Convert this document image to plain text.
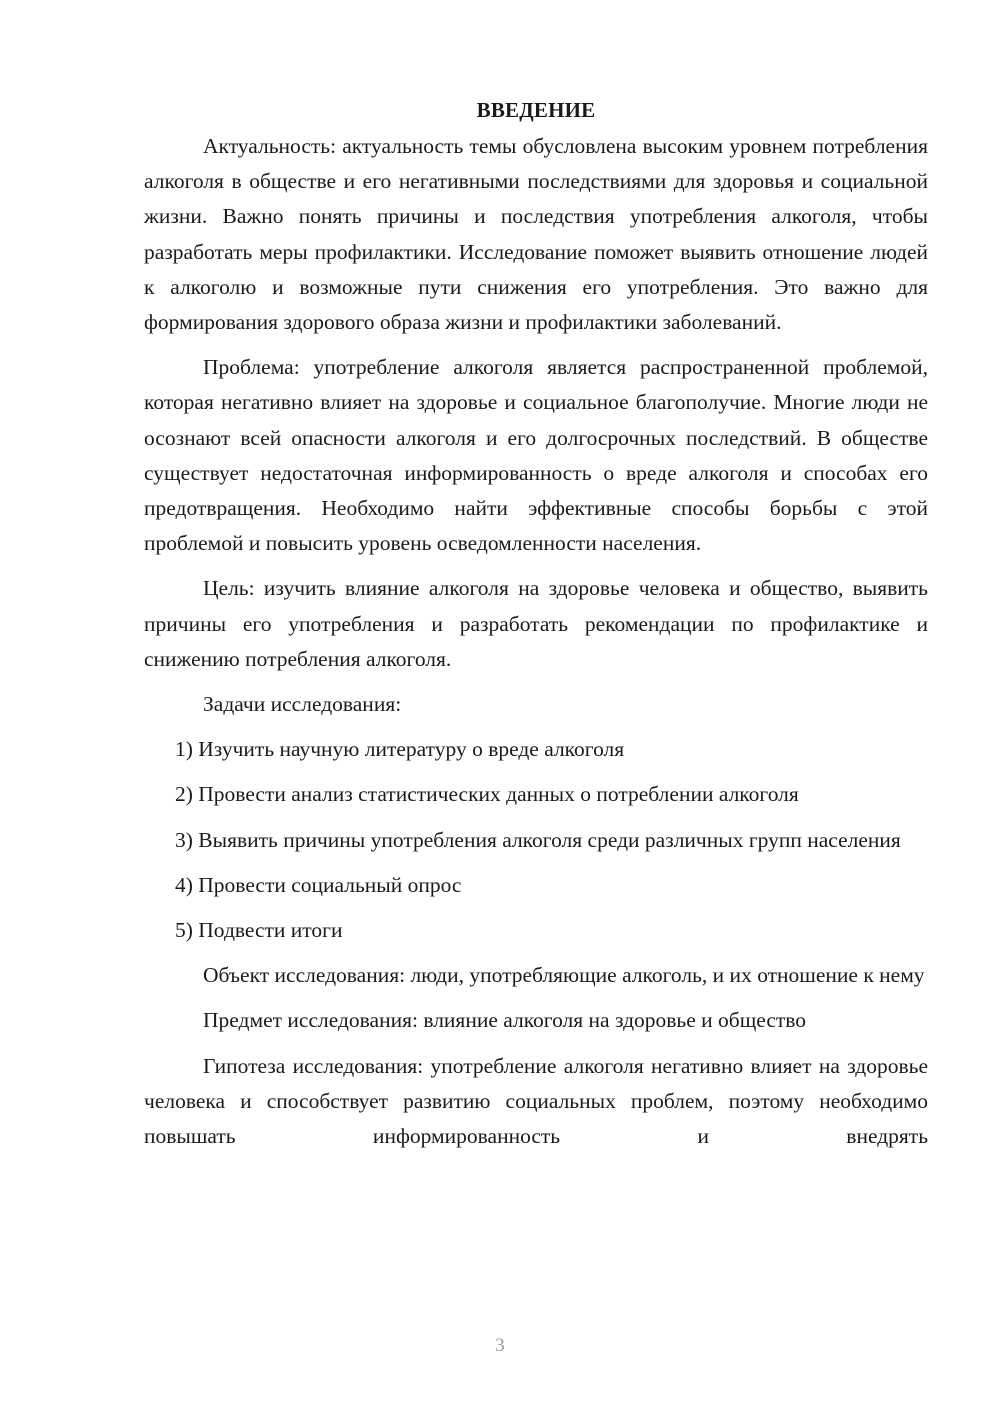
ВВЕДЕНИЕ

Актуальность: актуальность темы обусловлена высоким уровнем потребления алкоголя в обществе и его негативными последствиями для здоровья и социальной жизни. Важно понять причины и последствия употребления алкоголя, чтобы разработать меры профилактики. Исследование поможет выявить отношение людей к алкоголю и возможные пути снижения его употребления. Это важно для формирования здорового образа жизни и профилактики заболеваний.

Проблема: употребление алкоголя является распространенной проблемой, которая негативно влияет на здоровье и социальное благополучие. Многие люди не осознают всей опасности алкоголя и его долгосрочных последствий. В обществе существует недостаточная информированность о вреде алкоголя и способах его предотвращения. Необходимо найти эффективные способы борьбы с этой проблемой и повысить уровень осведомленности населения.

Цель: изучить влияние алкоголя на здоровье человека и общество, выявить причины его употребления и разработать рекомендации по профилактике и снижению потребления алкоголя.

Задачи исследования:

1) Изучить научную литературу о вреде алкоголя

2) Провести анализ статистических данных о потреблении алкоголя

3) Выявить причины употребления алкоголя среди различных групп населения

4) Провести социальный опрос

5) Подвести итоги

Объект исследования: люди, употребляющие алкоголь, и их отношение к нему

Предмет исследования: влияние алкоголя на здоровье и общество

Гипотеза исследования: употребление алкоголя негативно влияет на здоровье человека и способствует развитию социальных проблем, поэтому необходимо повышать информированность и внедрять

3
